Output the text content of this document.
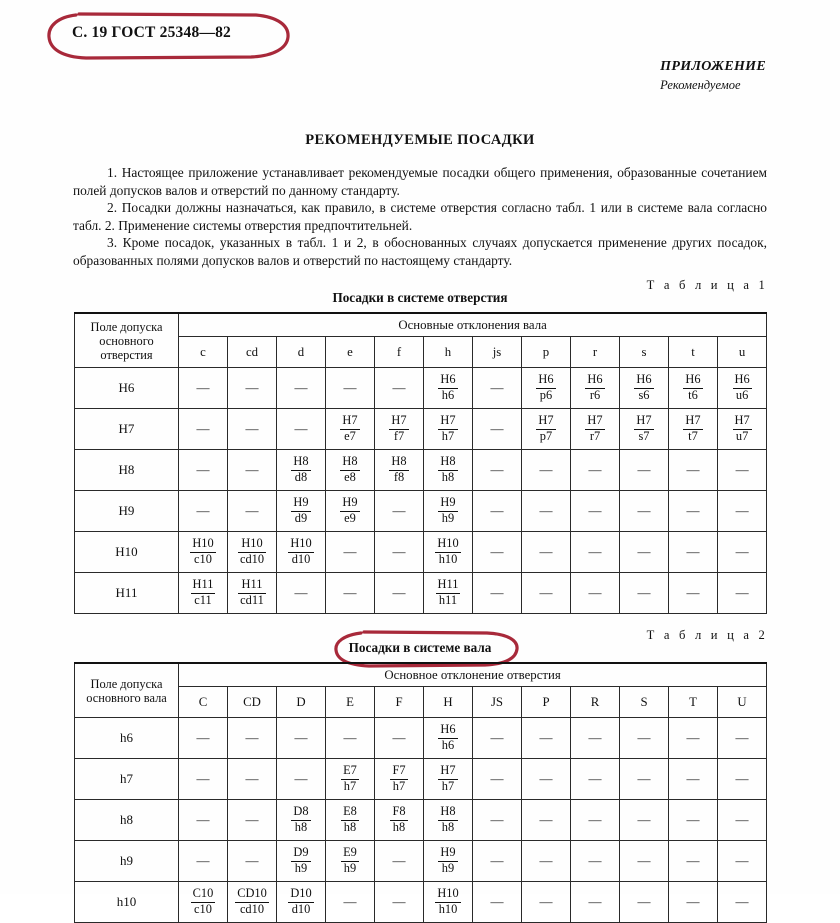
С. 19 ГОСТ 25348—82
ПРИЛОЖЕНИЕ
Рекомендуемое
РЕКОМЕНДУЕМЫЕ ПОСАДКИ

1. Настоящее приложение устанавливает рекомендуемые посадки общего применения, образованные сочетанием полей допусков валов и отверстий по данному стандарту.

2. Посадки должны назначаться, как правило, в системе отверстия согласно табл. 1 или в системе вала согласно табл. 2. Применение системы отверстия предпочтительней.

3. Кроме посадок, указанных в табл. 1 и 2, в обоснованных случаях допускается применение других посадок, образованных полями допусков валов и отверстий по настоящему стандарту.

Т а б л и ц а 1
Посадки в системе отверстия
Поле допуска основного отверстия	Основные отклонения вала											
	c	cd	d	e	f	h	js	p	r	s	t	u
H6	—	—	—	—	—	$\frac{H6}{h6}$	—	$\frac{H6}{p6}$	$\frac{H6}{r6}$	$\frac{H6}{s6}$	$\frac{H6}{t6}$	$\frac{H6}{u6}$

H7	—	—	—	$\frac{H7}{e7}$	$\frac{H7}{f7}$	$\frac{H7}{h7}$	—	$\frac{H7}{p7}$	$\frac{H7}{r7}$	$\frac{H7}{s7}$	$\frac{H7}{t7}$	$\frac{H7}{u7}$

H8	—	—	$\frac{H8}{d8}$	$\frac{H8}{e8}$	$\frac{H8}{f8}$	$\frac{H8}{h8}$	—	—	—	—	—	—
H9	—	—	$\frac{H9}{d9}$	$\frac{H9}{e9}$	—	$\frac{H9}{h9}$	—	—	—	—	—	—
H10	$\frac{H10}{c10}$	$\frac{H10}{cd10}$	$\frac{H10}{d10}$	—	—	$\frac{H10}{h10}$	—	—	—	—	—	—
H11	$\frac{H11}{c11}$	$\frac{H11}{cd11}$	—	—	—	$\frac{H11}{h11}$	—	—	—	—	—	—
Т а б л и ц а 2
Посадки в системе вала
Поле допуска основного вала	Основное отклонение отверстия											
	C	CD	D	E	F	H	JS	P	R	S	T	U
h6	—	—	—	—	—	$\frac{H6}{h6}$	—	—	—	—	—	—
h7	—	—	—	$\frac{E7}{h7}$	$\frac{F7}{h7}$	$\frac{H7}{h7}$	—	—	—	—	—	—
h8	—	—	$\frac{D8}{h8}$	$\frac{E8}{h8}$	$\frac{F8}{h8}$	$\frac{H8}{h8}$	—	—	—	—	—	—
h9	—	—	$\frac{D9}{h9}$	$\frac{E9}{h9}$	—	$\frac{H9}{h9}$	—	—	—	—	—	—
h10	$\frac{C10}{c10}$	$\frac{CD10}{cd10}$	$\frac{D10}{d10}$	—	—	$\frac{H10}{h10}$	—	—	—	—	—	—
